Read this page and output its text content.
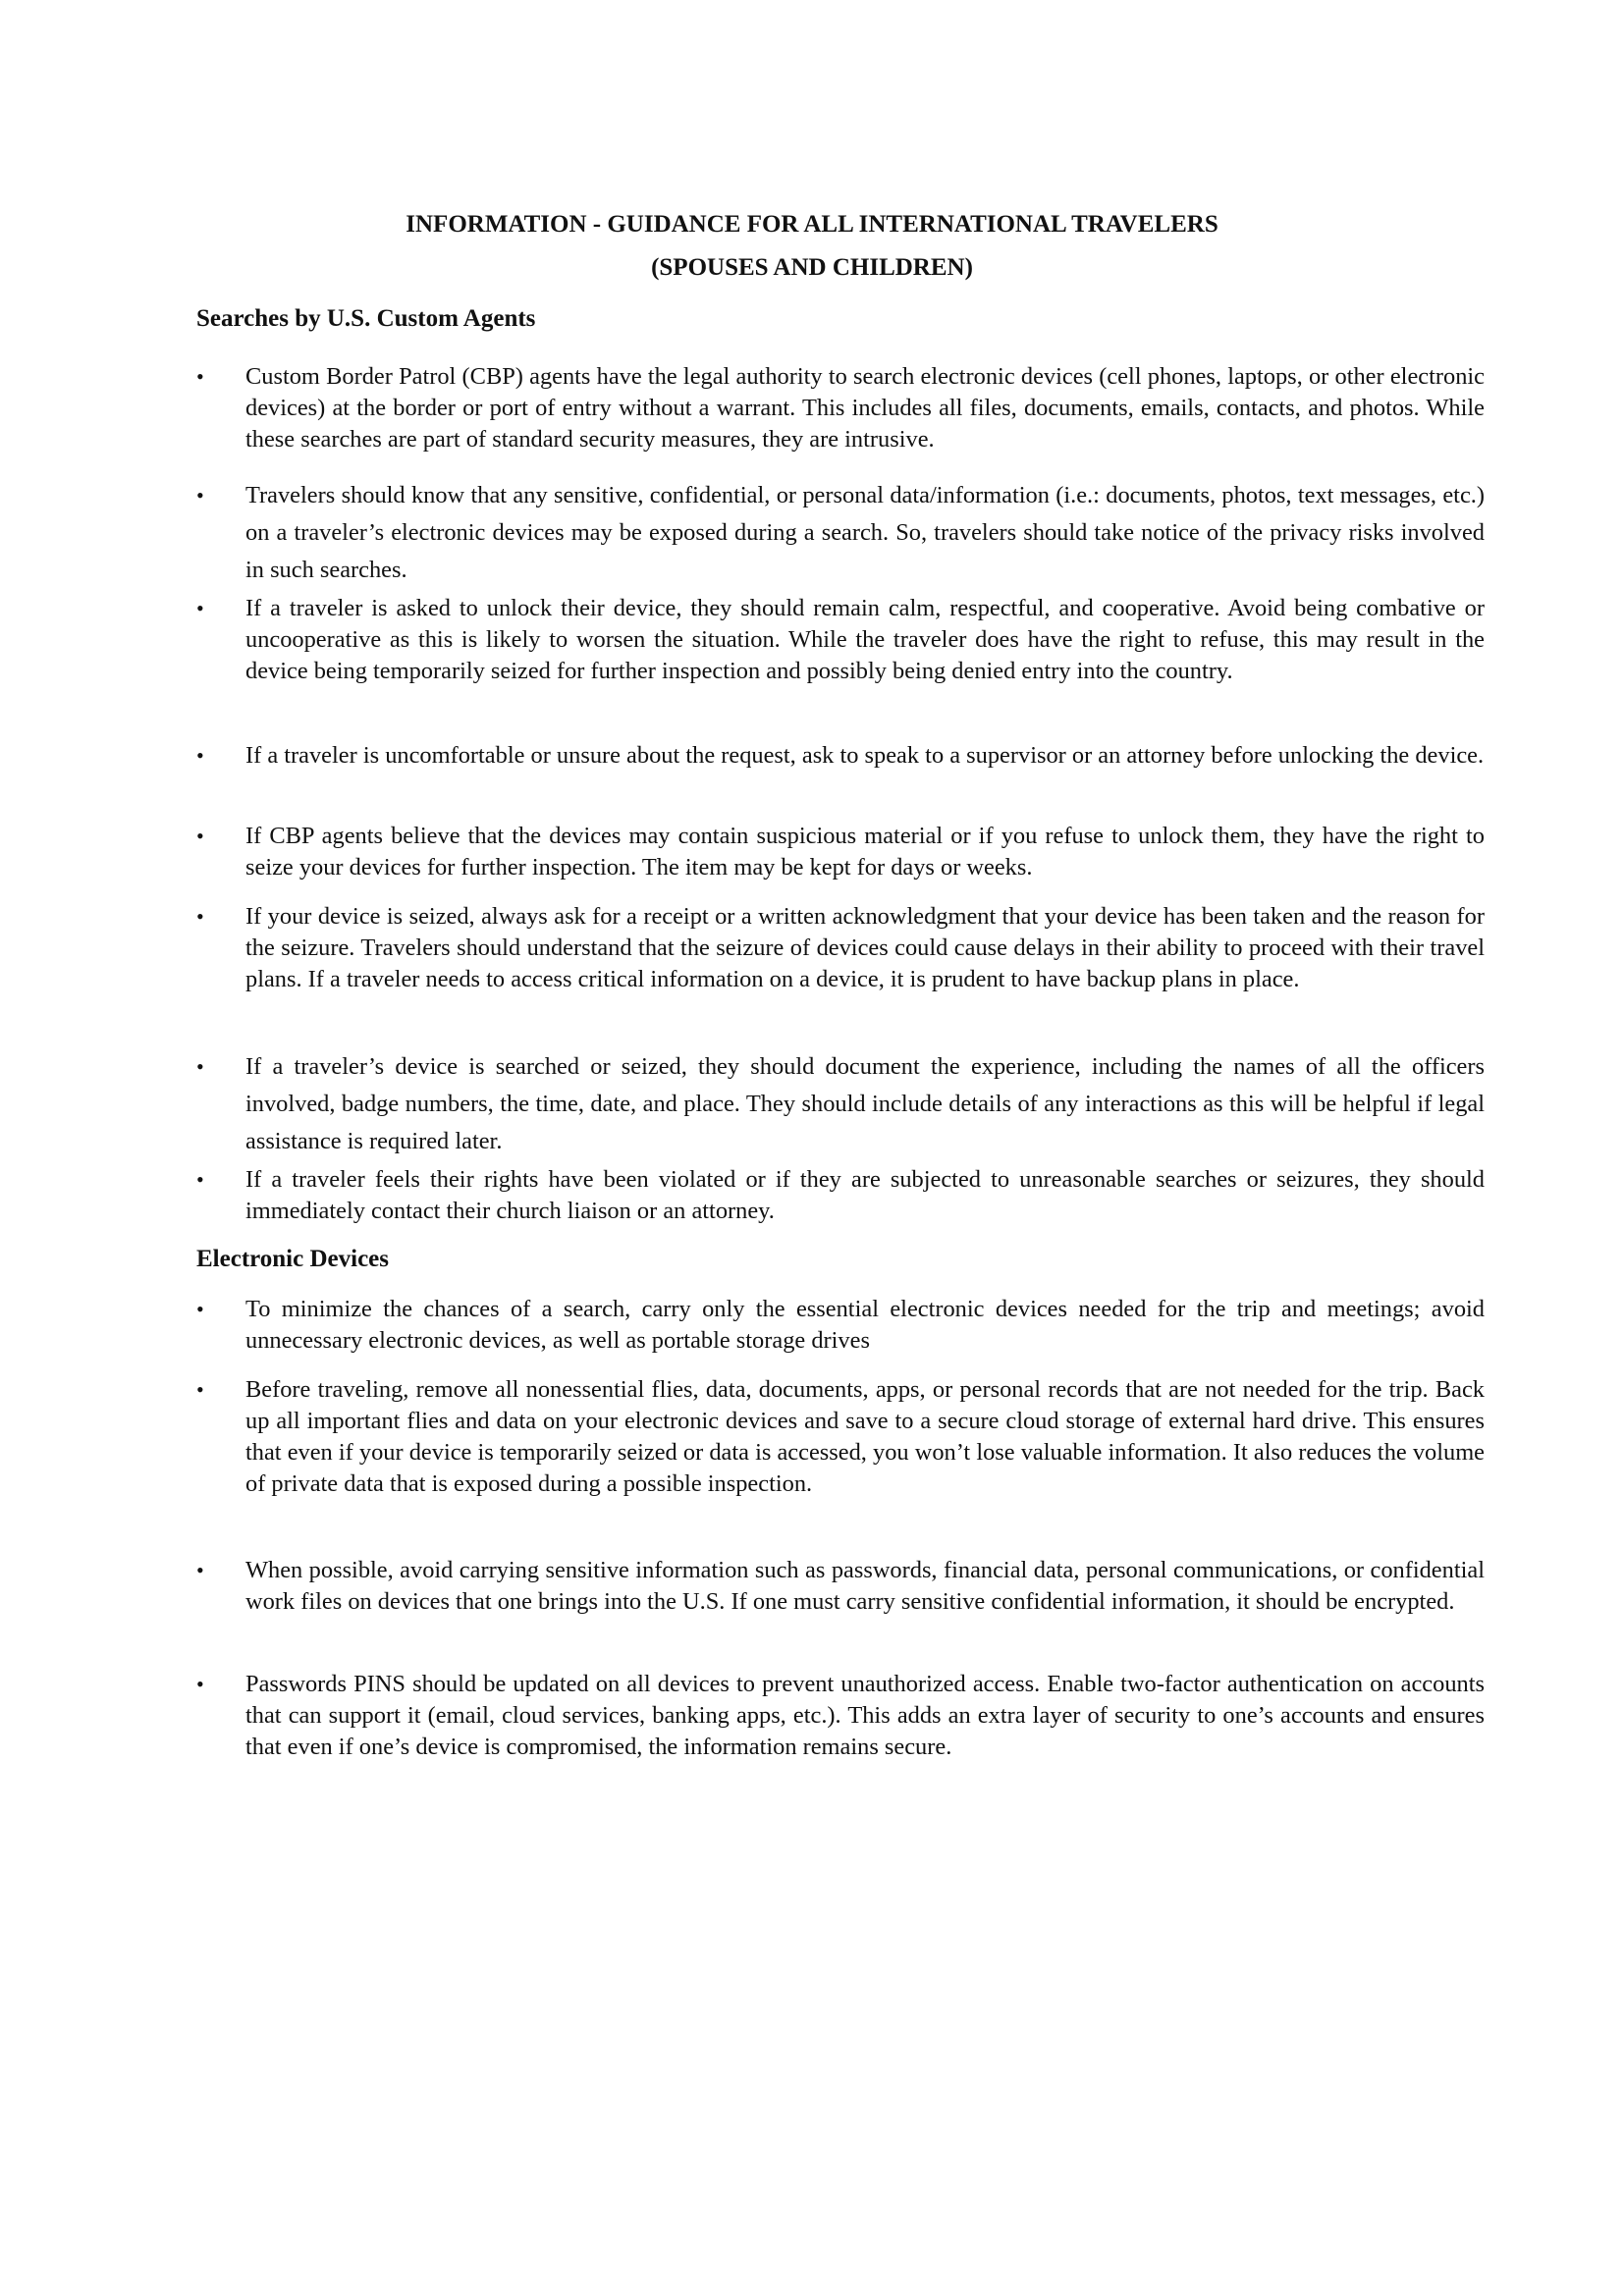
INFORMATION - GUIDANCE FOR ALL INTERNATIONAL TRAVELERS
(SPOUSES AND CHILDREN)
Searches by U.S. Custom Agents
•	Custom Border Patrol (CBP) agents have the legal authority to search electronic devices (cell phones, laptops, or other electronic devices) at the border or port of entry without a warrant. This includes all files, documents, emails, contacts, and photos. While these searches are part of standard security measures, they are intrusive.
•	Travelers should know that any sensitive, confidential, or personal data/information (i.e.: documents, photos, text messages, etc.) on a traveler’s electronic devices may be exposed during a search. So, travelers should take notice of the privacy risks involved in such searches.
•	If a traveler is asked to unlock their device, they should remain calm, respectful, and cooperative. Avoid being combative or uncooperative as this is likely to worsen the situation. While the traveler does have the right to refuse, this may result in the device being temporarily seized for further inspection and possibly being denied entry into the country.
•	If a traveler is uncomfortable or unsure about the request, ask to speak to a supervisor or an attorney before unlocking the device.
•	If CBP agents believe that the devices may contain suspicious material or if you refuse to unlock them, they have the right to seize your devices for further inspection. The item may be kept for days or weeks.
•	If your device is seized, always ask for a receipt or a written acknowledgment that your device has been taken and the reason for the seizure. Travelers should understand that the seizure of devices could cause delays in their ability to proceed with their travel plans. If a traveler needs to access critical information on a device, it is prudent to have backup plans in place.
•	If a traveler’s device is searched or seized, they should document the experience, including the names of all the officers involved, badge numbers, the time, date, and place. They should include details of any interactions as this will be helpful if legal assistance is required later.
•	If a traveler feels their rights have been violated or if they are subjected to unreasonable searches or seizures, they should immediately contact their church liaison or an attorney.
Electronic Devices
•	To minimize the chances of a search, carry only the essential electronic devices needed for the trip and meetings; avoid unnecessary electronic devices, as well as portable storage drives
•	Before traveling, remove all nonessential flies, data, documents, apps, or personal records that are not needed for the trip. Back up all important flies and data on your electronic devices and save to a secure cloud storage of external hard drive. This ensures that even if your device is temporarily seized or data is accessed, you won’t lose valuable information. It also reduces the volume of private data that is exposed during a possible inspection.
•	When possible, avoid carrying sensitive information such as passwords, financial data, personal communications, or confidential work files on devices that one brings into the U.S. If one must carry sensitive confidential information, it should be encrypted.
•	Passwords PINS should be updated on all devices to prevent unauthorized access. Enable two-factor authentication on accounts that can support it (email, cloud services, banking apps, etc.). This adds an extra layer of security to one’s accounts and ensures that even if one’s device is compromised, the information remains secure.
